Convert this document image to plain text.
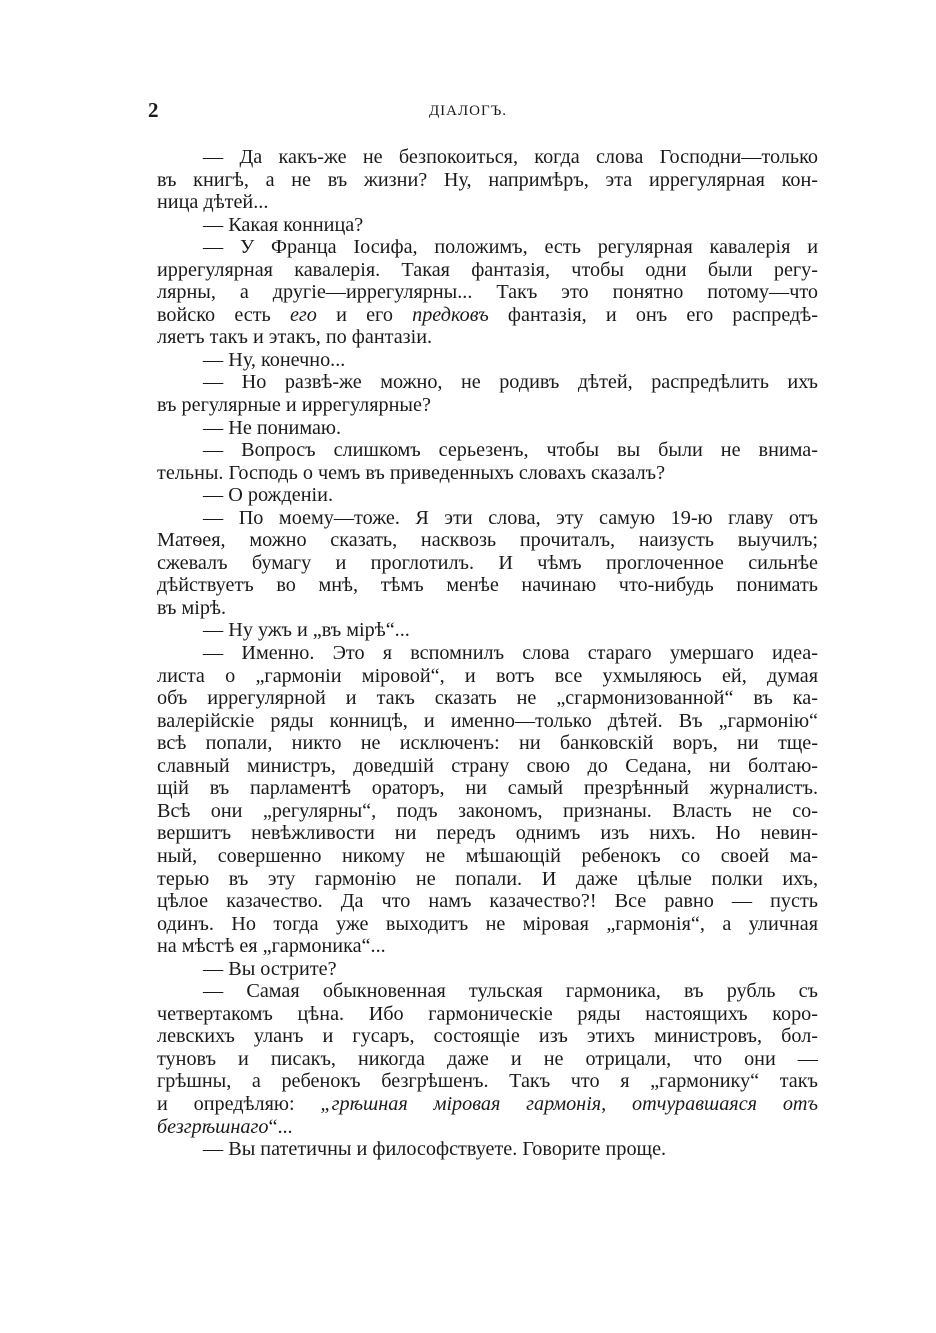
2	ДІАЛОГЪ.
— Да какъ-же не безпокоиться, когда слова Господни—только
въ книгѣ, а не въ жизни? Ну, напримѣръ, эта иррегулярная кон-
ница дѣтей...
— Какая конница?
— У Франца Іосифа, положимъ, есть регулярная кавалерія и
иррегулярная кавалерія. Такая фантазія, чтобы одни были регу-
лярны, а другіе—иррегулярны... Такъ это понятно потому—что
войско есть его и его предковъ фантазія, и онъ его распредѣ-
ляетъ такъ и этакъ, по фантазіи.
— Ну, конечно...
— Но развѣ-же можно, не родивъ дѣтей, распредѣлить ихъ
въ регулярные и иррегулярные?
— Не понимаю.
— Вопросъ слишкомъ серьезенъ, чтобы вы были не внима-
тельны. Господь о чемъ въ приведенныхъ словахъ сказалъ?
— О рожденіи.
— По моему—тоже. Я эти слова, эту самую 19-ю главу отъ
Матѳея, можно сказать, насквозь прочиталъ, наизусть выучилъ;
сжевалъ бумагу и проглотилъ. И чѣмъ проглоченное сильнѣе
дѣйствуетъ во мнѣ, тѣмъ менѣе начинаю что-нибудь понимать
въ мірѣ.
— Ну ужъ и „въ мірѣ“...
— Именно. Это я вспомнилъ слова стараго умершаго идеа-
листа о „гармоніи міровой“, и вотъ все ухмыляюсь ей, думая
объ иррегулярной и такъ сказать не „сгармонизованной“ въ ка-
валерійскіе ряды конницѣ, и именно—только дѣтей. Въ „гармонію“
всѣ попали, никто не исключенъ: ни банковскій воръ, ни тще-
славный министръ, доведшій страну свою до Седана, ни болтаю-
щій въ парламентѣ ораторъ, ни самый презрѣнный журналистъ.
Всѣ они „регулярны“, подъ закономъ, признаны. Власть не со-
вершитъ невѣжливости ни передъ однимъ изъ нихъ. Но невин-
ный, совершенно никому не мѣшающій ребенокъ со своей ма-
терью въ эту гармонію не попали. И даже цѣлые полки ихъ,
цѣлое казачество. Да что намъ казачество?! Все равно — пусть
одинъ. Но тогда уже выходитъ не міровая „гармонія“, а уличная
на мѣстѣ ея „гармоника“...
— Вы острите?
— Самая обыкновенная тульская гармоника, въ рубль съ
четвертакомъ цѣна. Ибо гармоническіе ряды настоящихъ коро-
левскихъ уланъ и гусаръ, состоящіе изъ этихъ министровъ, бол-
туновъ и писакъ, никогда даже и не отрицали, что они —
грѣшны, а ребенокъ безгрѣшенъ. Такъ что я „гармонику“ такъ
и опредѣляю: „грѣшная міровая гармонія, отчуравшаяся отъ
безгрѣшнаго“...
— Вы патетичны и философствуете. Говорите проще.
